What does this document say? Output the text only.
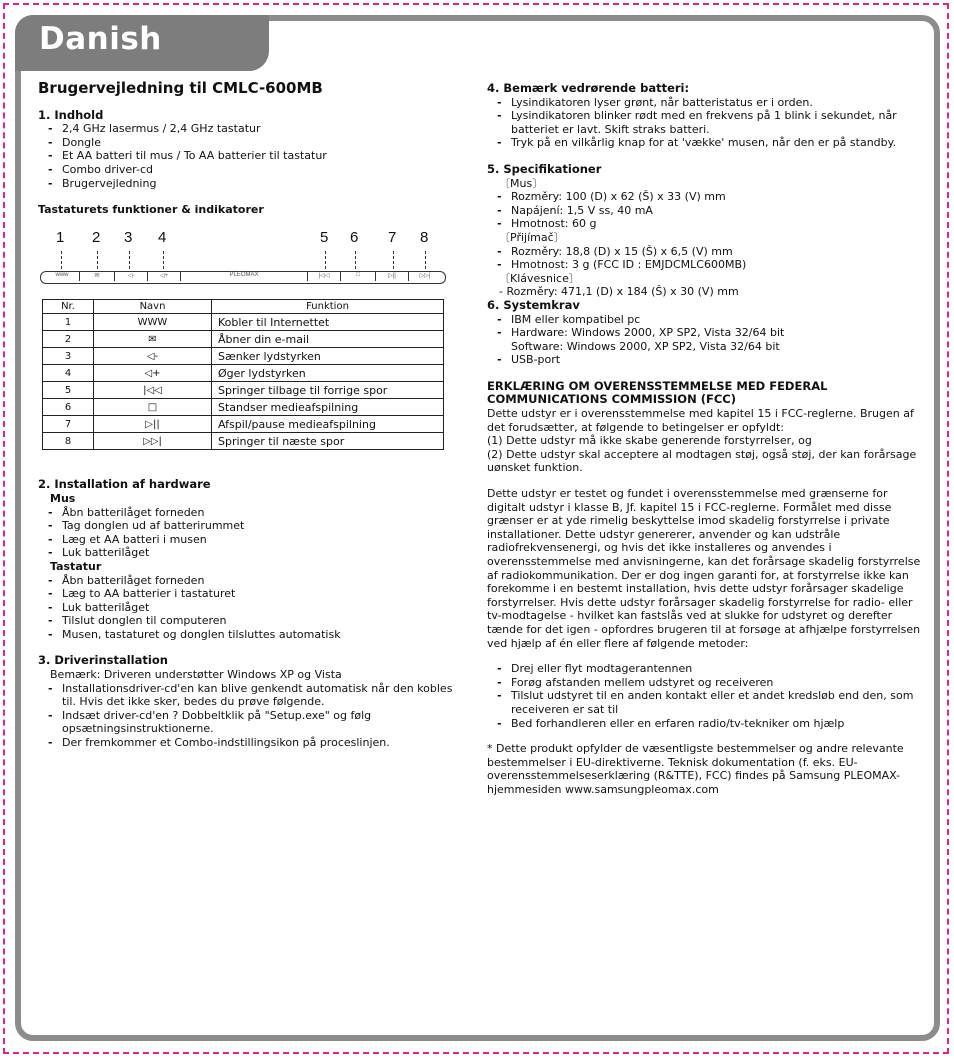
Danish
Brugervejledning til CMLC-600MB
1. Indhold
- 2,4 GHz lasermus / 2,4 GHz tastatur
- Dongle
- Et AA batteri til mus / To AA batterier til tastatur
- Combo driver-cd
- Brugervejledning
Tastaturets funktioner & indikatorer
1 2 3 4	5 6 7 8
www	✉	◁-	◁+	PLEOMAX	|◁◁	□	▷||	▷▷|
Nr.	Navn	Funktion
1	WWW	Kobler til Internettet
2	✉	Åbner din e-mail
3	◁-	Sænker lydstyrken
4	◁+	Øger lydstyrken
5	|◁◁	Springer tilbage til forrige spor
6	□	Standser medieafspilning
7	▷||	Afspil/pause medieafspilning
8	▷▷|	Springer til næste spor
2. Installation af hardware
Mus
- Åbn batterilåget forneden
- Tag donglen ud af batterirummet
- Læg et AA batteri i musen
- Luk batterilåget
Tastatur
- Åbn batterilåget forneden
- Læg to AA batterier i tastaturet
- Luk batterilåget
- Tilslut donglen til computeren
- Musen, tastaturet og donglen tilsluttes automatisk
3. Driverinstallation

Bemærk: Driveren understøtter Windows XP og Vista

- Installationsdriver-cd'en kan blive genkendt automatisk når den kobles til. Hvis det ikke sker, bedes du prøve følgende.
- Indsæt driver-cd'en ? Dobbeltklik på "Setup.exe" og følg opsætningsinstruktionerne.
- Der fremkommer et Combo-indstillingsikon på proceslinjen.
4. Bemærk vedrørende batteri:
- Lysindikatoren lyser grønt, når batteristatus er i orden.
- Lysindikatoren blinker rødt med en frekvens på 1 blink i sekundet, når batteriet er lavt. Skift straks batteri.
- Tryk på en vilkårlig knap for at 'vække' musen, når den er på standby.
5. Specifikationer
〔Mus〕
- Rozměry: 100 (D) x 62 (Š) x 33 (V) mm
- Napájení: 1,5 V ss, 40 mA
- Hmotnost: 60 g
〔Přijímač〕
- Rozměry: 18,8 (D) x 15 (Š) x 6,5 (V) mm
- Hmotnost: 3 g (FCC ID : EMJDCMLC600MB)
〔Klávesnice〕
- Rozměry: 471,1 (D) x 184 (Š) x 30 (V) mm
6. Systemkrav
- IBM eller kompatibel pc
- Hardware: Windows 2000, XP SP2, Vista 32/64 bit
Software: Windows 2000, XP SP2, Vista 32/64 bit
- USB-port
ERKLÆRING OM OVERENSSTEMMELSE MED FEDERAL
COMMUNICATIONS COMMISSION (FCC)

Dette udstyr er i overensstemmelse med kapitel 15 i FCC-reglerne. Brugen af det forudsætter, at følgende to betingelser er opfyldt:

(1) Dette udstyr må ikke skabe generende forstyrrelser, og

(2) Dette udstyr skal acceptere al modtagen støj, også støj, der kan forårsage uønsket funktion.

Dette udstyr er testet og fundet i overensstemmelse med grænserne for digitalt udstyr i klasse B, Jf. kapitel 15 i FCC-reglerne. Formålet med disse grænser er at yde rimelig beskyttelse imod skadelig forstyrrelse i private installationer. Dette udstyr genererer, anvender og kan udstråle radiofrekvensenergi, og hvis det ikke installeres og anvendes i overensstemmelse med anvisningerne, kan det forårsage skadelig forstyrrelse af radiokommunikation. Der er dog ingen garanti for, at forstyrrelse ikke kan forekomme i en bestemt installation, hvis dette udstyr forårsager skadelige forstyrrelser. Hvis dette udstyr forårsager skadelig forstyrrelse for radio- eller tv-modtagelse - hvilket kan fastslås ved at slukke for udstyret og derefter tænde for det igen - opfordres brugeren til at forsøge at afhjælpe forstyrrelsen ved hjælp af én eller flere af følgende metoder:

- Drej eller flyt modtagerantennen
- Forøg afstanden mellem udstyret og receiveren
- Tilslut udstyret til en anden kontakt eller et andet kredsløb end den, som receiveren er sat til
- Bed forhandleren eller en erfaren radio/tv-tekniker om hjælp

* Dette produkt opfylder de væsentligste bestemmelser og andre relevante bestemmelser i EU-direktiverne. Teknisk dokumentation (f. eks. EU-overensstemmelseserklæring (R&TTE), FCC) findes på Samsung PLEOMAX-hjemmesiden www.samsungpleomax.com
